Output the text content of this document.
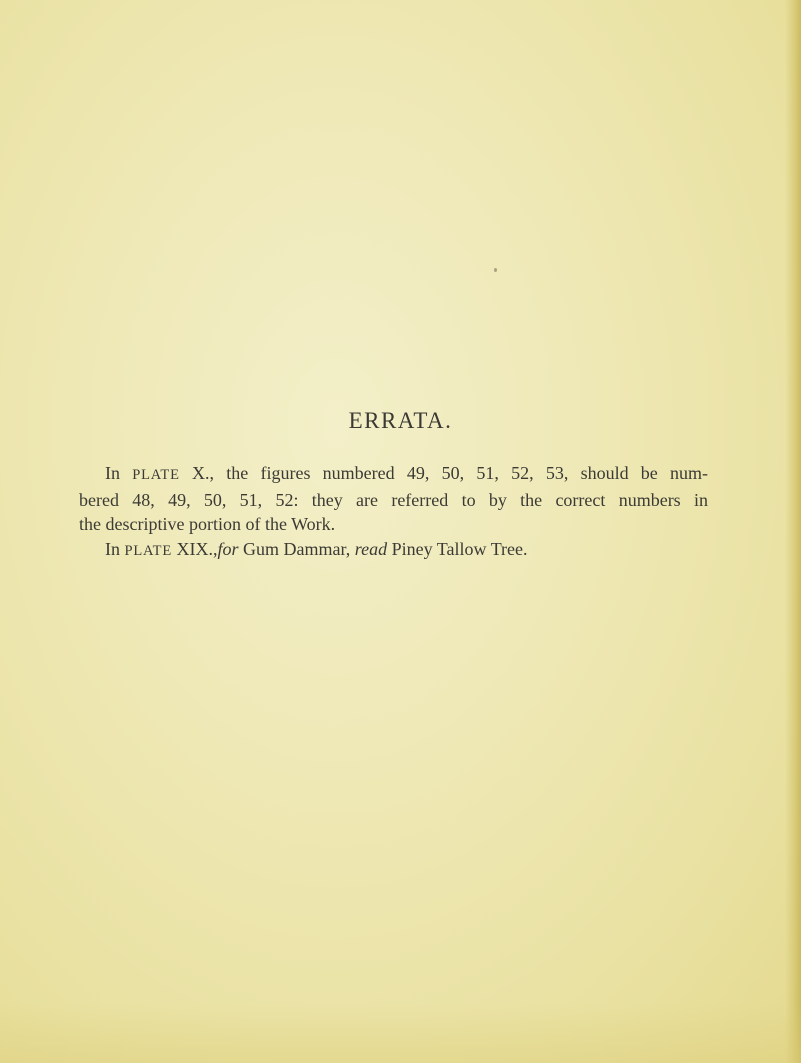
ERRATA.
In PLATE X., the figures numbered 49, 50, 51, 52, 53, should be num-
bered 48, 49, 50, 51, 52: they are referred to by the correct numbers in
the descriptive portion of the Work.
In PLATE XIX.,for Gum Dammar, read Piney Tallow Tree.
